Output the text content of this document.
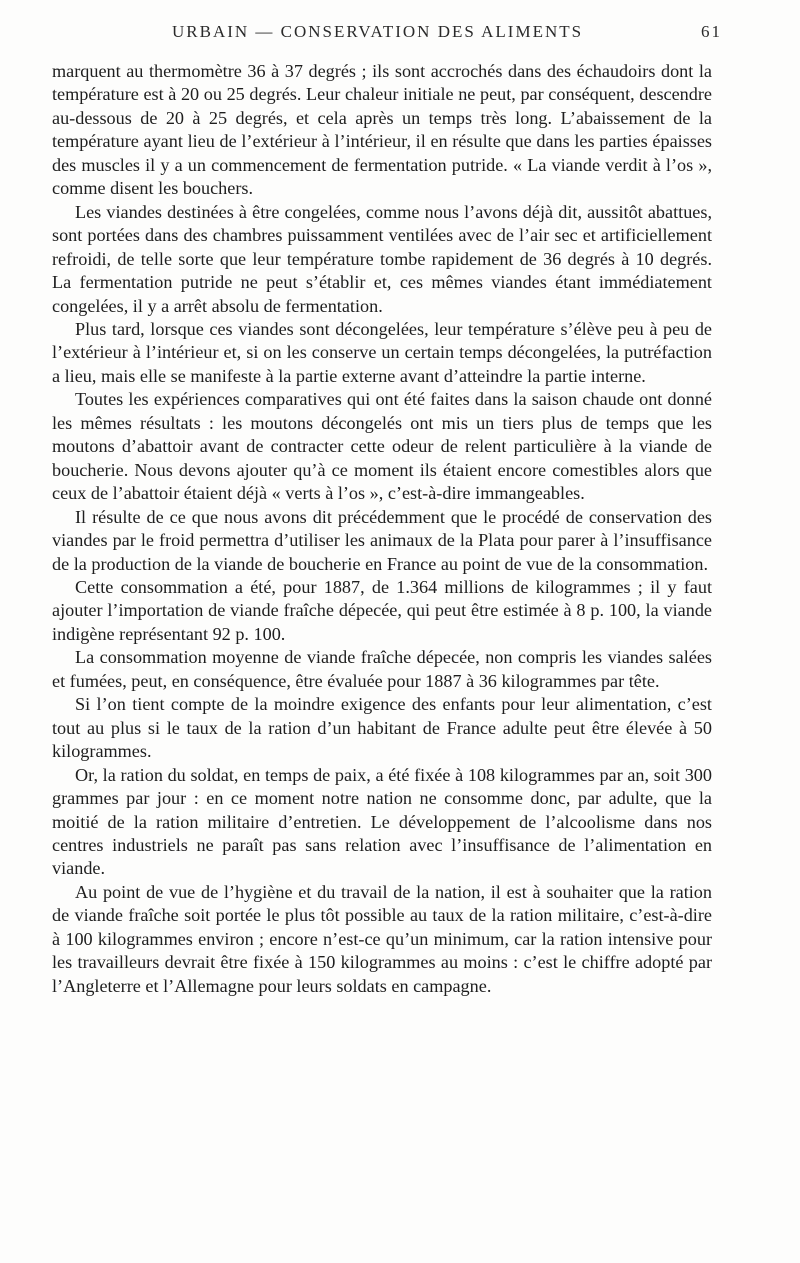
URBAIN — CONSERVATION DES ALIMENTS	61

marquent au thermomètre 36 à 37 degrés ; ils sont accrochés dans des échaudoirs dont la température est à 20 ou 25 degrés. Leur chaleur initiale ne peut, par conséquent, descendre au-dessous de 20 à 25 degrés, et cela après un temps très long. L’abaissement de la température ayant lieu de l’extérieur à l’intérieur, il en résulte que dans les parties épaisses des muscles il y a un commencement de fermentation putride. « La viande verdit à l’os », comme disent les bouchers.

Les viandes destinées à être congelées, comme nous l’avons déjà dit, aussitôt abattues, sont portées dans des chambres puissamment ventilées avec de l’air sec et artificiellement refroidi, de telle sorte que leur température tombe rapidement de 36 degrés à 10 degrés. La fermentation putride ne peut s’établir et, ces mêmes viandes étant immédiatement congelées, il y a arrêt absolu de fermentation.

Plus tard, lorsque ces viandes sont décongelées, leur température s’élève peu à peu de l’extérieur à l’intérieur et, si on les conserve un certain temps décongelées, la putréfaction a lieu, mais elle se manifeste à la partie externe avant d’atteindre la partie interne.

Toutes les expériences comparatives qui ont été faites dans la saison chaude ont donné les mêmes résultats : les moutons décongelés ont mis un tiers plus de temps que les moutons d’abattoir avant de contracter cette odeur de relent particulière à la viande de boucherie. Nous devons ajouter qu’à ce moment ils étaient encore comestibles alors que ceux de l’abattoir étaient déjà « verts à l’os », c’est-à-dire immangeables.

Il résulte de ce que nous avons dit précédemment que le procédé de conservation des viandes par le froid permettra d’utiliser les animaux de la Plata pour parer à l’insuffisance de la production de la viande de boucherie en France au point de vue de la consommation.

Cette consommation a été, pour 1887, de 1.364 millions de kilogrammes ; il y faut ajouter l’importation de viande fraîche dépecée, qui peut être estimée à 8 p. 100, la viande indigène représentant 92 p. 100.

La consommation moyenne de viande fraîche dépecée, non compris les viandes salées et fumées, peut, en conséquence, être évaluée pour 1887 à 36 kilogrammes par tête.

Si l’on tient compte de la moindre exigence des enfants pour leur alimentation, c’est tout au plus si le taux de la ration d’un habitant de France adulte peut être élevée à 50 kilogrammes.

Or, la ration du soldat, en temps de paix, a été fixée à 108 kilogrammes par an, soit 300 grammes par jour : en ce moment notre nation ne consomme donc, par adulte, que la moitié de la ration militaire d’entretien. Le développement de l’alcoolisme dans nos centres industriels ne paraît pas sans relation avec l’insuffisance de l’alimentation en viande.

Au point de vue de l’hygiène et du travail de la nation, il est à souhaiter que la ration de viande fraîche soit portée le plus tôt possible au taux de la ration militaire, c’est-à-dire à 100 kilogrammes environ ; encore n’est-ce qu’un minimum, car la ration intensive pour les travailleurs devrait être fixée à 150 kilogrammes au moins : c’est le chiffre adopté par l’Angleterre et l’Allemagne pour leurs soldats en campagne.
